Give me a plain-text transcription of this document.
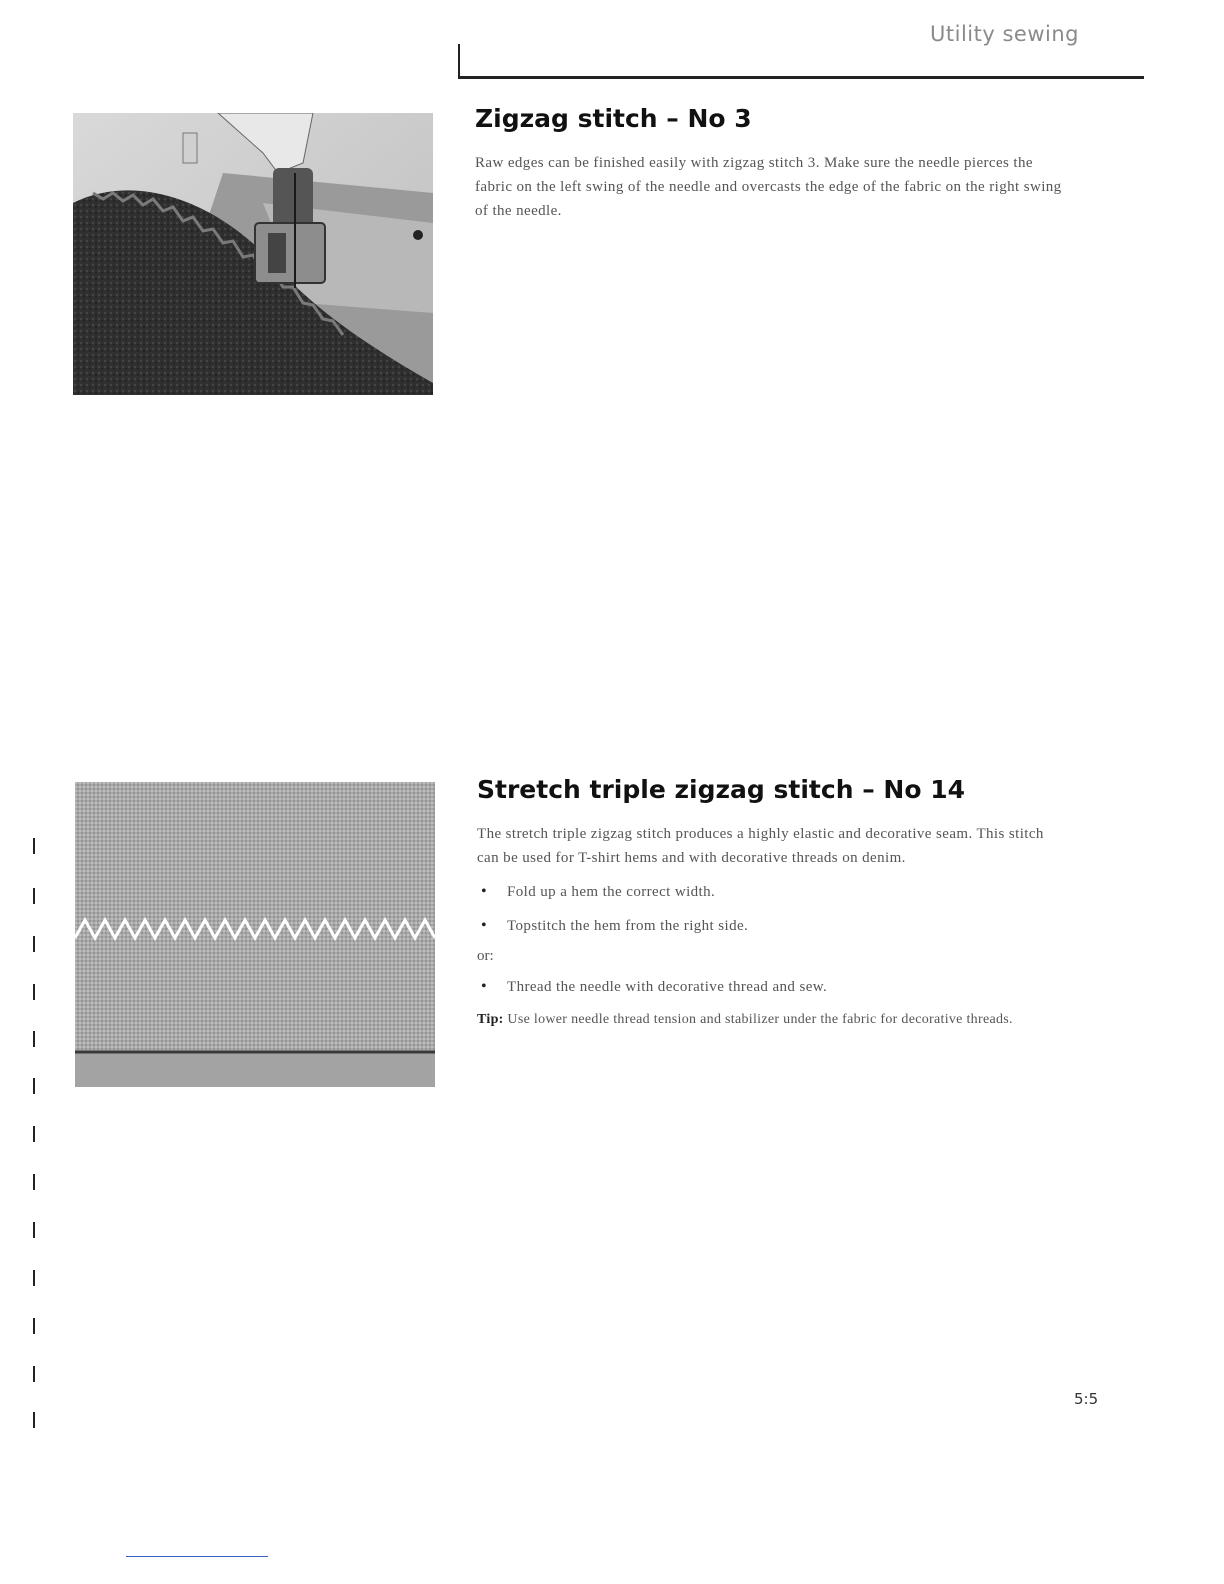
Utility sewing
Zigzag stitch – No 3

Raw edges can be finished easily with zigzag stitch 3. Make sure the needle pierces the fabric on the left swing of the needle and overcasts the edge of the fabric on the right swing of the needle.

Stretch triple zigzag stitch – No 14

The stretch triple zigzag stitch produces a highly elastic and decorative seam. This stitch can be used for T-shirt hems and with decorative threads on denim.

• Fold up a hem the correct width.
• Topstitch the hem from the right side.

or:

• Thread the needle with decorative thread and sew.

Tip: Use lower needle thread tension and stabilizer under the fabric for decorative threads.

5:5
